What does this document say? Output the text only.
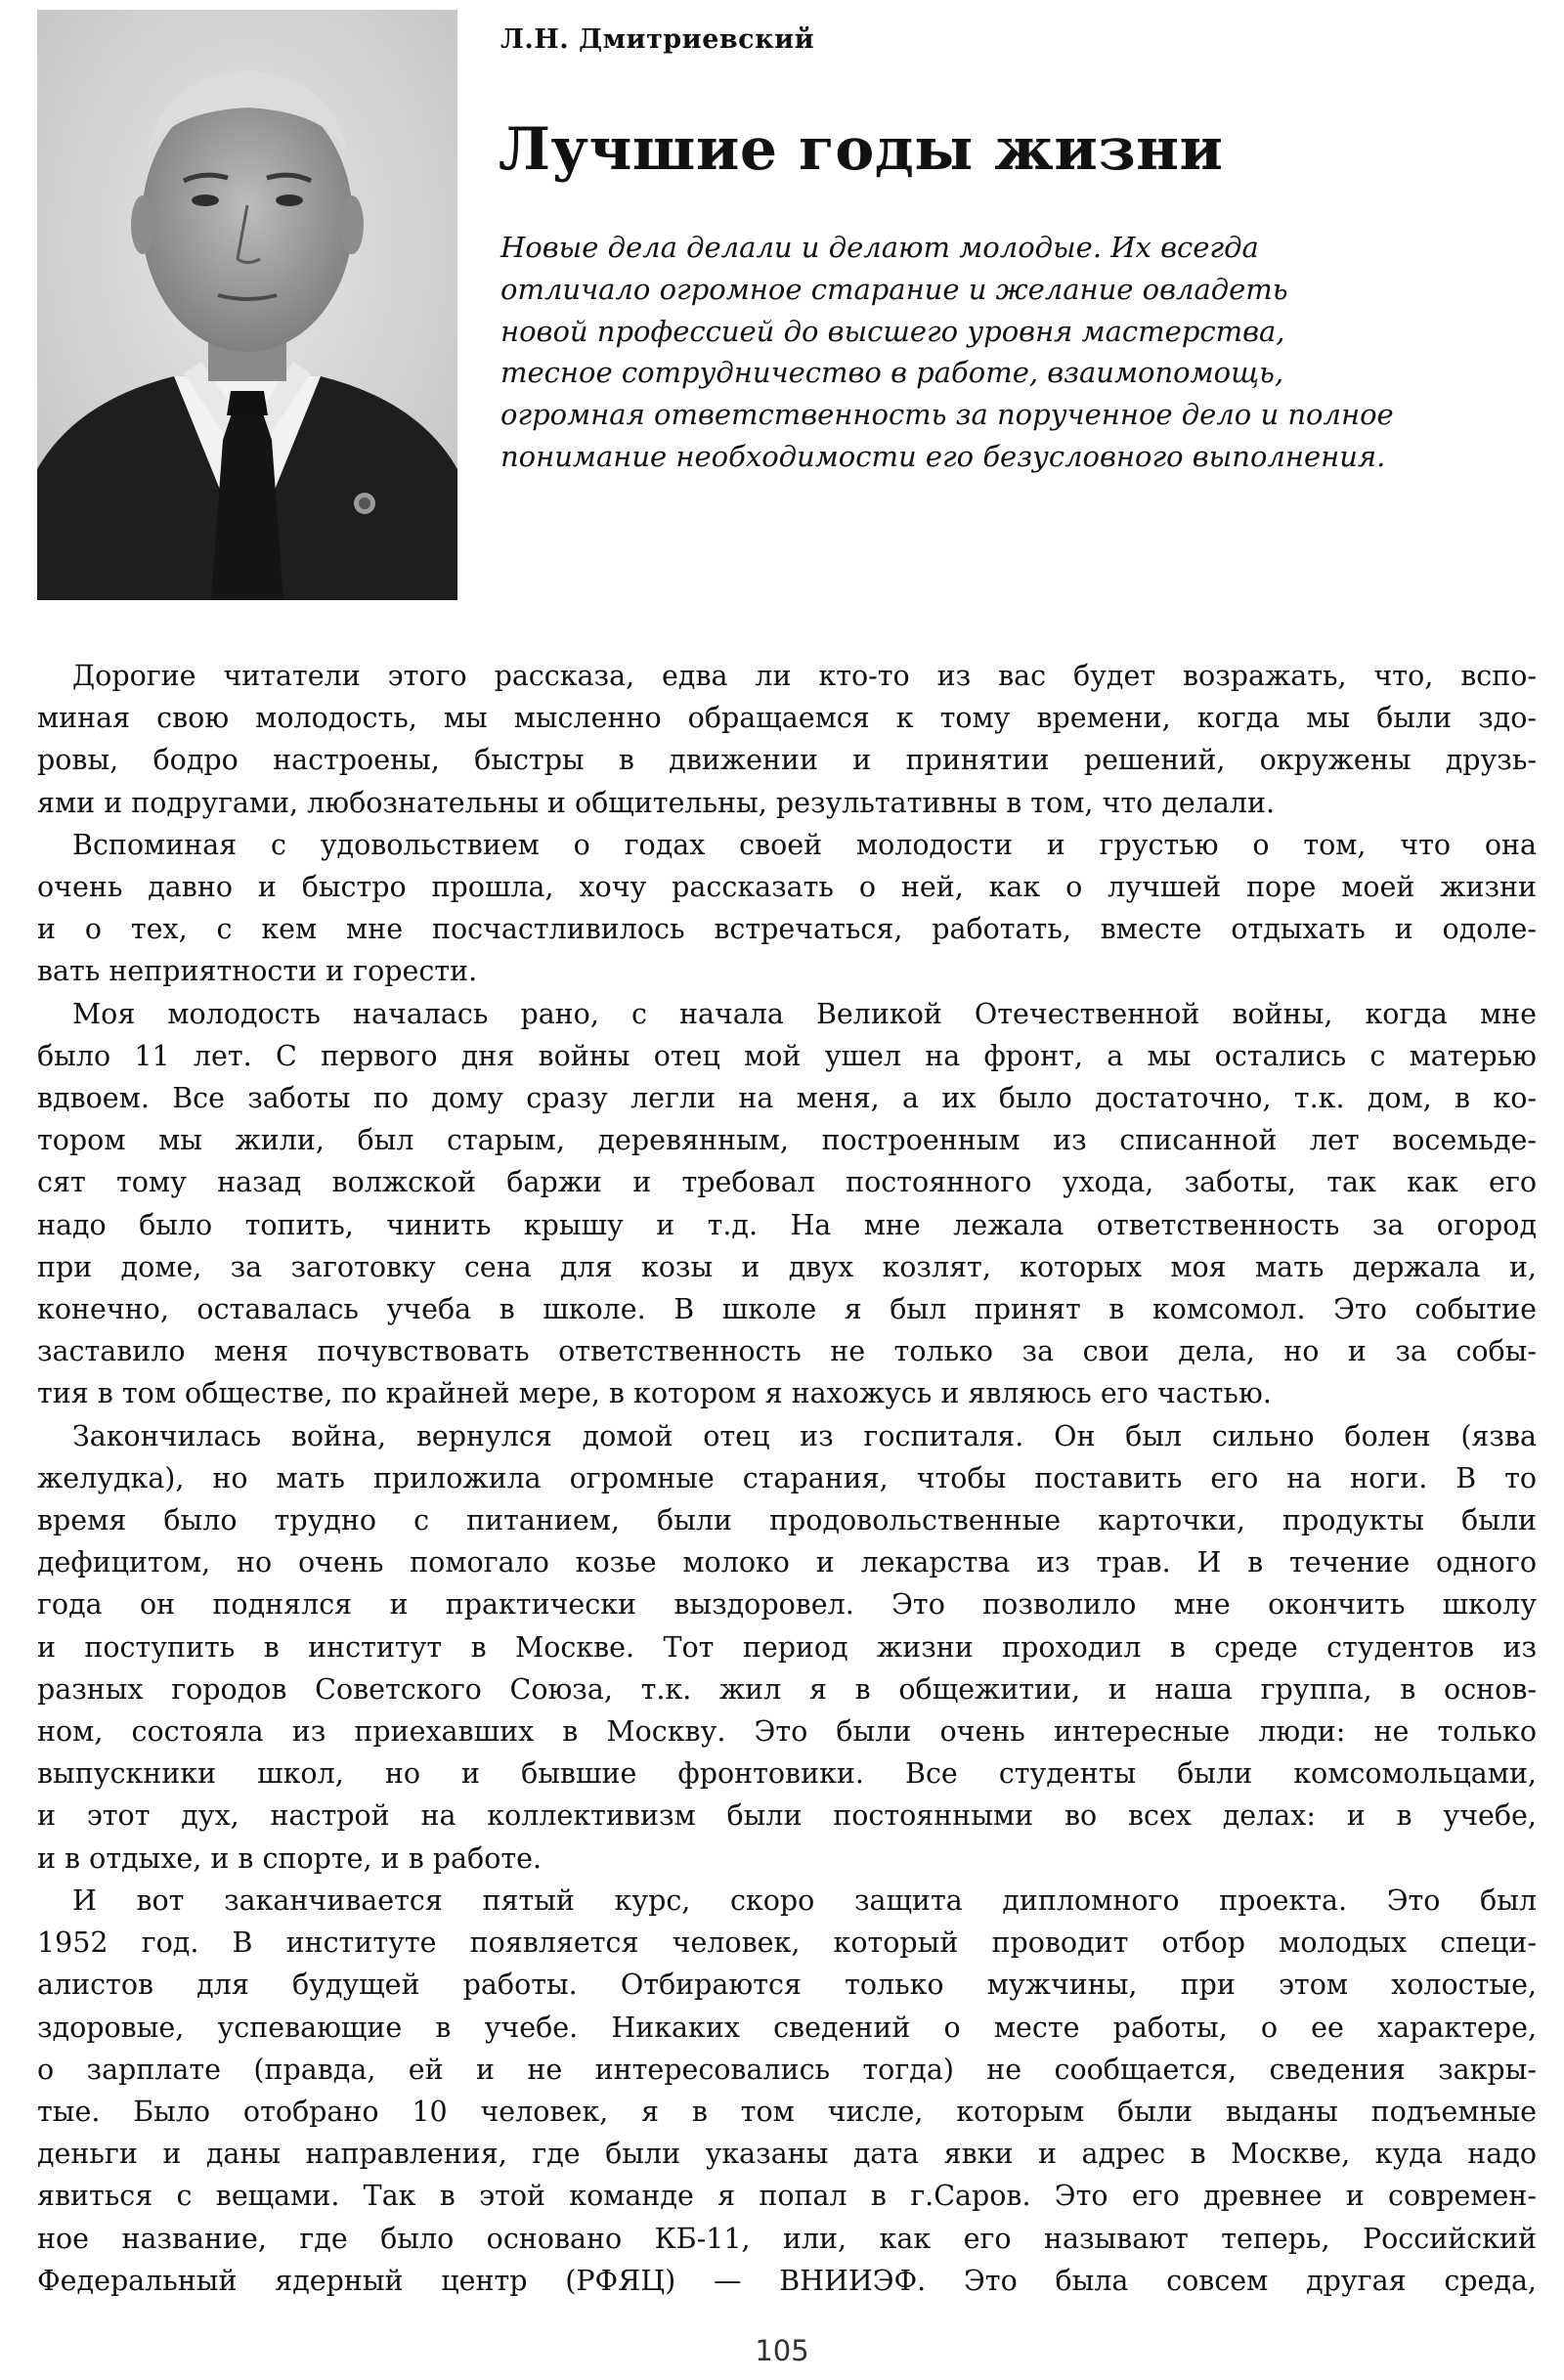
Л.Н. Дмитриевский
Лучшие годы жизни
Новые дела делали и делают молодые. Их всегда
отличало огромное старание и желание овладеть
новой профессией до высшего уровня мастерства,
тесное сотрудничество в работе, взаимопомощь,
огромная ответственность за порученное дело и полное
понимание необходимости его безусловного выполнения.
Дорогие читатели этого рассказа, едва ли кто-то из вас будет возражать, что, вспо-
миная свою молодость, мы мысленно обращаемся к тому времени, когда мы были здо-
ровы, бодро настроены, быстры в движении и принятии решений, окружены друзь-
ями и подругами, любознательны и общительны, результативны в том, что делали.
Вспоминая с удовольствием о годах своей молодости и грустью о том, что она
очень давно и быстро прошла, хочу рассказать о ней, как о лучшей поре моей жизни
и о тех, с кем мне посчастливилось встречаться, работать, вместе отдыхать и одоле-
вать неприятности и горести.
Моя молодость началась рано, с начала Великой Отечественной войны, когда мне
было 11 лет. С первого дня войны отец мой ушел на фронт, а мы остались с матерью
вдвоем. Все заботы по дому сразу легли на меня, а их было достаточно, т.к. дом, в ко-
тором мы жили, был старым, деревянным, построенным из списанной лет восемьде-
сят тому назад волжской баржи и требовал постоянного ухода, заботы, так как его
надо было топить, чинить крышу и т.д. На мне лежала ответственность за огород
при доме, за заготовку сена для козы и двух козлят, которых моя мать держала и,
конечно, оставалась учеба в школе. В школе я был принят в комсомол. Это событие
заставило меня почувствовать ответственность не только за свои дела, но и за собы-
тия в том обществе, по крайней мере, в котором я нахожусь и являюсь его частью.
Закончилась война, вернулся домой отец из госпиталя. Он был сильно болен (язва
желудка), но мать приложила огромные старания, чтобы поставить его на ноги. В то
время было трудно с питанием, были продовольственные карточки, продукты были
дефицитом, но очень помогало козье молоко и лекарства из трав. И в течение одного
года он поднялся и практически выздоровел. Это позволило мне окончить школу
и поступить в институт в Москве. Тот период жизни проходил в среде студентов из
разных городов Советского Союза, т.к. жил я в общежитии, и наша группа, в основ-
ном, состояла из приехавших в Москву. Это были очень интересные люди: не только
выпускники школ, но и бывшие фронтовики. Все студенты были комсомольцами,
и этот дух, настрой на коллективизм были постоянными во всех делах: и в учебе,
и в отдыхе, и в спорте, и в работе.
И вот заканчивается пятый курс, скоро защита дипломного проекта. Это был
1952 год. В институте появляется человек, который проводит отбор молодых специ-
алистов для будущей работы. Отбираются только мужчины, при этом холостые,
здоровые, успевающие в учебе. Никаких сведений о месте работы, о ее характере,
о зарплате (правда, ей и не интересовались тогда) не сообщается, сведения закры-
тые. Было отобрано 10 человек, я в том числе, которым были выданы подъемные
деньги и даны направления, где были указаны дата явки и адрес в Москве, куда надо
явиться с вещами. Так в этой команде я попал в г.Саров. Это его древнее и современ-
ное название, где было основано КБ-11, или, как его называют теперь, Российский
Федеральный ядерный центр (РФЯЦ) — ВНИИЭФ. Это была совсем другая среда,
105
